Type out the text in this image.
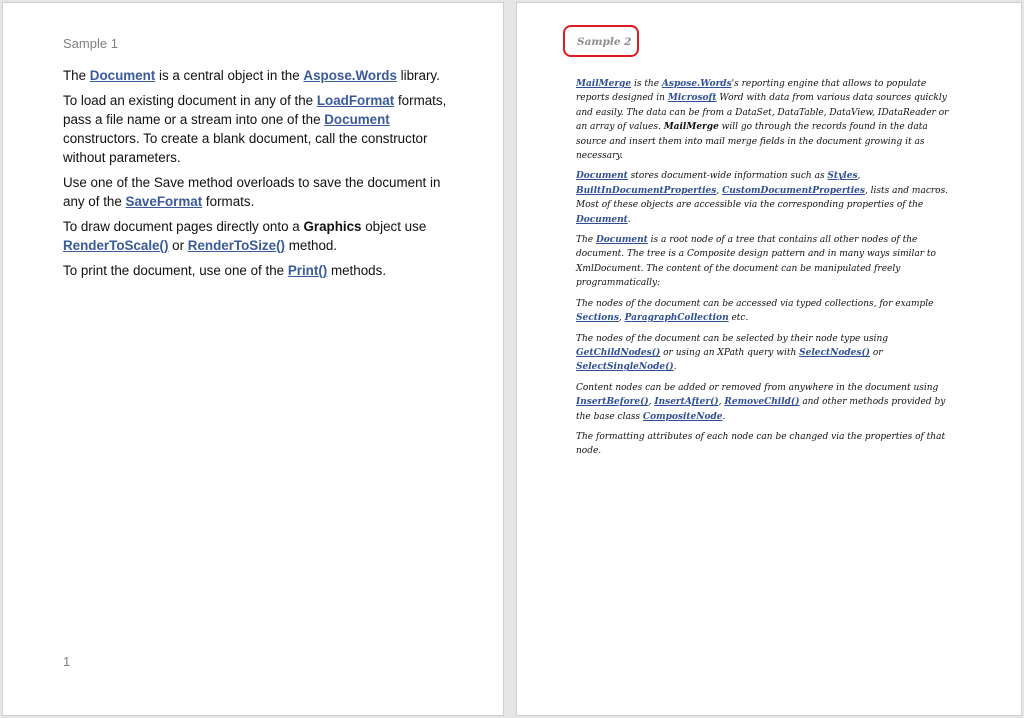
Sample 1

The Document is a central object in the Aspose.Words library.

To load an existing document in any of the LoadFormat formats, pass a file name or a stream into one of the Document constructors. To create a blank document, call the constructor without parameters.

Use one of the Save method overloads to save the document in any of the SaveFormat formats.

To draw document pages directly onto a Graphics object use RenderToScale() or RenderToSize() method.

To print the document, use one of the Print() methods.

1
Sample 2

MailMerge is the Aspose.Words's reporting engine that allows to populate reports designed in Microsoft Word with data from various data sources quickly and easily. The data can be from a DataSet, DataTable, DataView, IDataReader or an array of values. MailMerge will go through the records found in the data source and insert them into mail merge fields in the document growing it as necessary.

Document stores document-wide information such as Styles, BuiltInDocumentProperties, CustomDocumentProperties, lists and macros. Most of these objects are accessible via the corresponding properties of the Document.

The Document is a root node of a tree that contains all other nodes of the document. The tree is a Composite design pattern and in many ways similar to XmlDocument. The content of the document can be manipulated freely programmatically:

The nodes of the document can be accessed via typed collections, for example Sections, ParagraphCollection etc.

The nodes of the document can be selected by their node type using GetChildNodes() or using an XPath query with SelectNodes() or SelectSingleNode().

Content nodes can be added or removed from anywhere in the document using InsertBefore(), InsertAfter(), RemoveChild() and other methods provided by the base class CompositeNode.

The formatting attributes of each node can be changed via the properties of that node.
